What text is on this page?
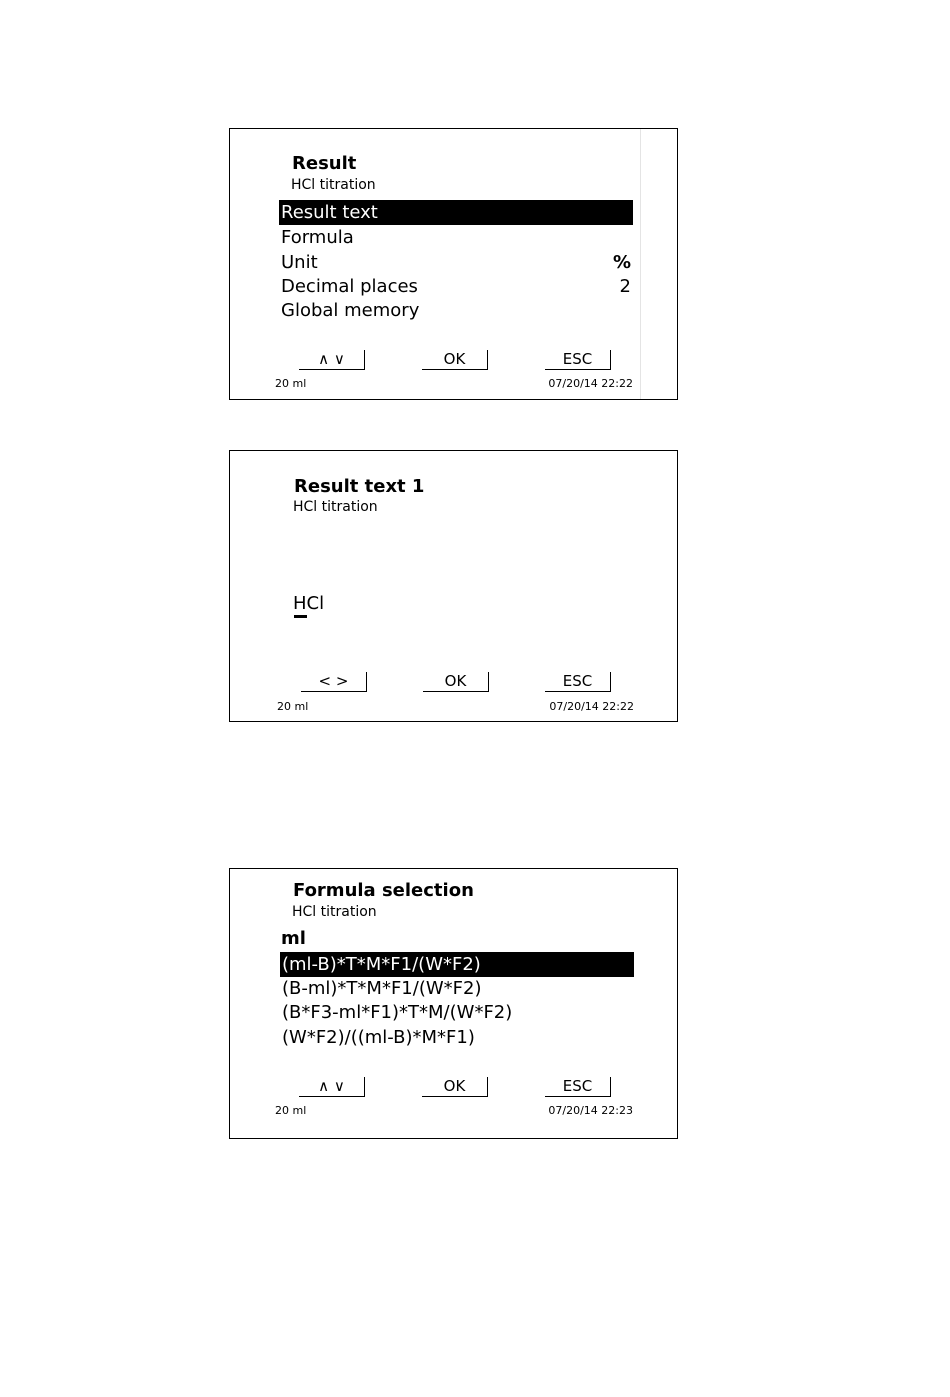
Result
HCl titration
Result text
Formula
Unit	%
Decimal places	2
Global memory
∧ ∨	OK	ESC
20 ml	07/20/14 22:22
Result text 1
HCl titration
HCl
< >	OK	ESC
20 ml	07/20/14 22:22
Formula selection
HCl titration
ml
(ml-B)*T*M*F1/(W*F2)
(B-ml)*T*M*F1/(W*F2)
(B*F3-ml*F1)*T*M/(W*F2)
(W*F2)/((ml-B)*M*F1)
∧ ∨	OK	ESC
20 ml	07/20/14 22:23
